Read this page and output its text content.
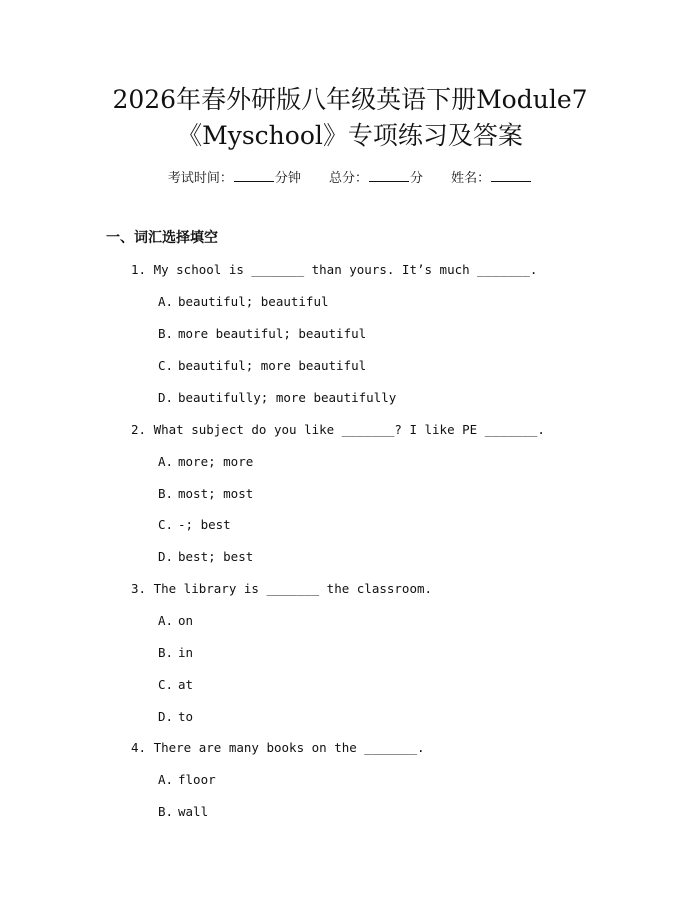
2026年春外研版八年级英语下册Module7
《Myschool》专项练习及答案
考试时间：	分钟 总分：	分 姓名：
一、词汇选择填空
1. My school is _______ than yours. It’s much _______.
A. beautiful; beautiful
B. more beautiful; beautiful
C. beautiful; more beautiful
D. beautifully; more beautifully
2. What subject do you like _______? I like PE _______.
A. more; more
B. most; most
C. -; best
D. best; best
3. The library is _______ the classroom.
A. on
B. in
C. at
D. to
4. There are many books on the _______.
A. floor
B. wall
